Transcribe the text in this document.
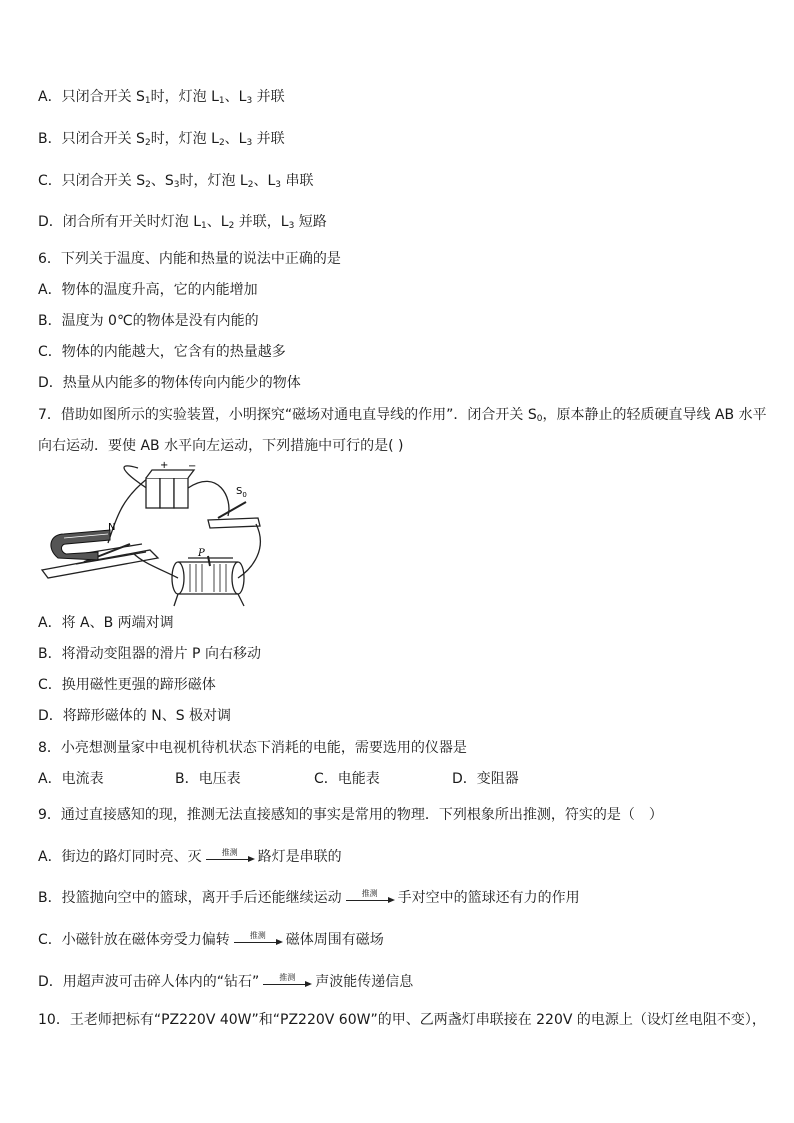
A．只闭合开关 $S_1$时，灯泡 $L_1$、$L_3$ 并联
B．只闭合开关 $S_2$时，灯泡 $L_2$、$L_3$ 并联
C．只闭合开关 $S_2$、$S_3$时，灯泡 $L_2$、$L_3$ 串联
D．闭合所有开关时灯泡 $L_1$、$L_2$ 并联，$L_3$ 短路
6．下列关于温度、内能和热量的说法中正确的是
A．物体的温度升高，它的内能增加
B．温度为 0℃的物体是没有内能的
C．物体的内能越大，它含有的热量越多
D．热量从内能多的物体传向内能少的物体
7．借助如图所示的实验装置，小明探究“磁场对通电直导线的作用”．闭合开关 $S_0$，原本静止的轻质硬直导线 AB 水平
向右运动．要使 AB 水平向左运动，下列措施中可行的是( )
+ −
N
$S_0$
P
A．将 A、B 两端对调
B．将滑动变阻器的滑片 P 向右移动
C．换用磁性更强的蹄形磁体
D．将蹄形磁体的 N、S 极对调
8．小亮想测量家中电视机待机状态下消耗的电能，需要选用的仪器是
A．电流表	B．电压表	C．电能表	D．变阻器
9．通过直接感知的现，推测无法直接感知的事实是常用的物理．下列根象所出推测，符实的是（　）
A．街边的路灯同时亮、灭	推测	路灯是串联的
B．投篮抛向空中的篮球，离开手后还能继续运动	推测	手对空中的篮球还有力的作用
C．小磁针放在磁体旁受力偏转	推测	磁体周围有磁场
D．用超声波可击碎人体内的“钻石”	推测	声波能传递信息
10．王老师把标有“PZ220V 40W”和“PZ220V 60W”的甲、乙两盏灯串联接在 220V 的电源上（设灯丝电阻不变），
